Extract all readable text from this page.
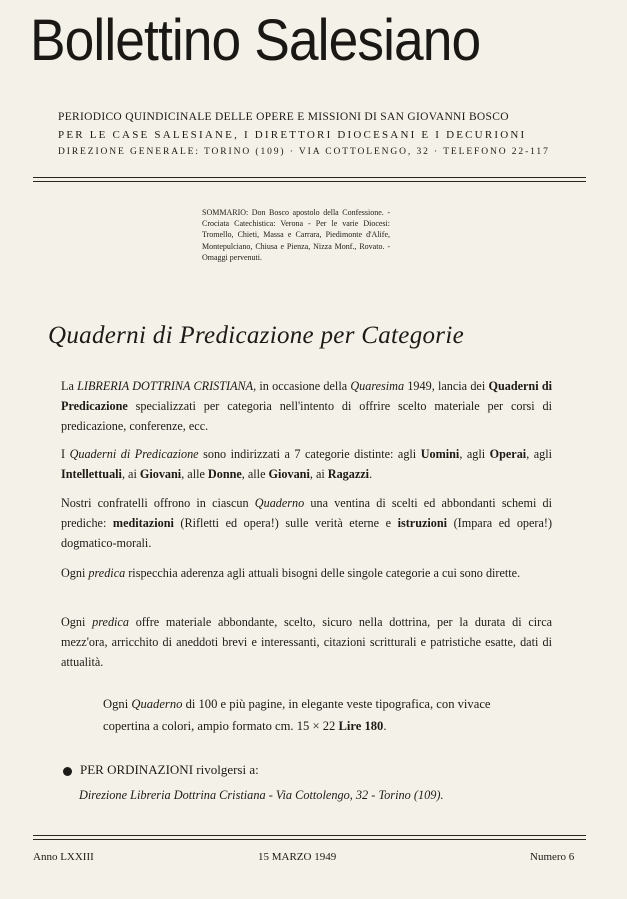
Bollettino Salesiano
PERIODICO QUINDICINALE DELLE OPERE E MISSIONI DI SAN GIOVANNI BOSCO
PER LE CASE SALESIANE, I DIRETTORI DIOCESANI E I DECURIONI
DIREZIONE GENERALE: TORINO (109) · VIA COTTOLENGO, 32 · TELEFONO 22-117
SOMMARIO: Don Bosco apostolo della Confessione. - Crociata Catechistica: Verona - Per le varie Diocesi: Tromello, Chieti, Massa e Carrara, Piedimonte d'Alife, Montepulciano, Chiusa e Pienza, Nizza Monf., Rovato. - Omaggi pervenuti.
Quaderni di Predicazione per Categorie
La LIBRERIA DOTTRINA CRISTIANA, in occasione della Quaresima 1949, lancia dei Quaderni di Predicazione specializzati per categoria nell'intento di offrire scelto materiale per corsi di predicazione, conferenze, ecc.
I Quaderni di Predicazione sono indirizzati a 7 categorie distinte: agli Uomini, agli Operai, agli Intellettuali, ai Giovani, alle Donne, alle Giovani, ai Ragazzi.
Nostri confratelli offrono in ciascun Quaderno una ventina di scelti ed abbondanti schemi di prediche: meditazioni (Rifletti ed opera!) sulle verità eterne e istruzioni (Impara ed opera!) dogmatico-morali.
Ogni predica rispecchia aderenza agli attuali bisogni delle singole categorie a cui sono dirette.
Ogni predica offre materiale abbondante, scelto, sicuro nella dottrina, per la durata di circa mezz'ora, arricchito di aneddoti brevi e interessanti, citazioni scritturali e patristiche esatte, dati di attualità.
Ogni Quaderno di 100 e più pagine, in elegante veste tipografica, con vivace copertina a colori, ampio formato cm. 15 × 22 Lire 180.
PER ORDINAZIONI rivolgersi a:
Direzione Libreria Dottrina Cristiana - Via Cottolengo, 32 - Torino (109).
Anno LXXIII	15 MARZO 1949	Numero 6
